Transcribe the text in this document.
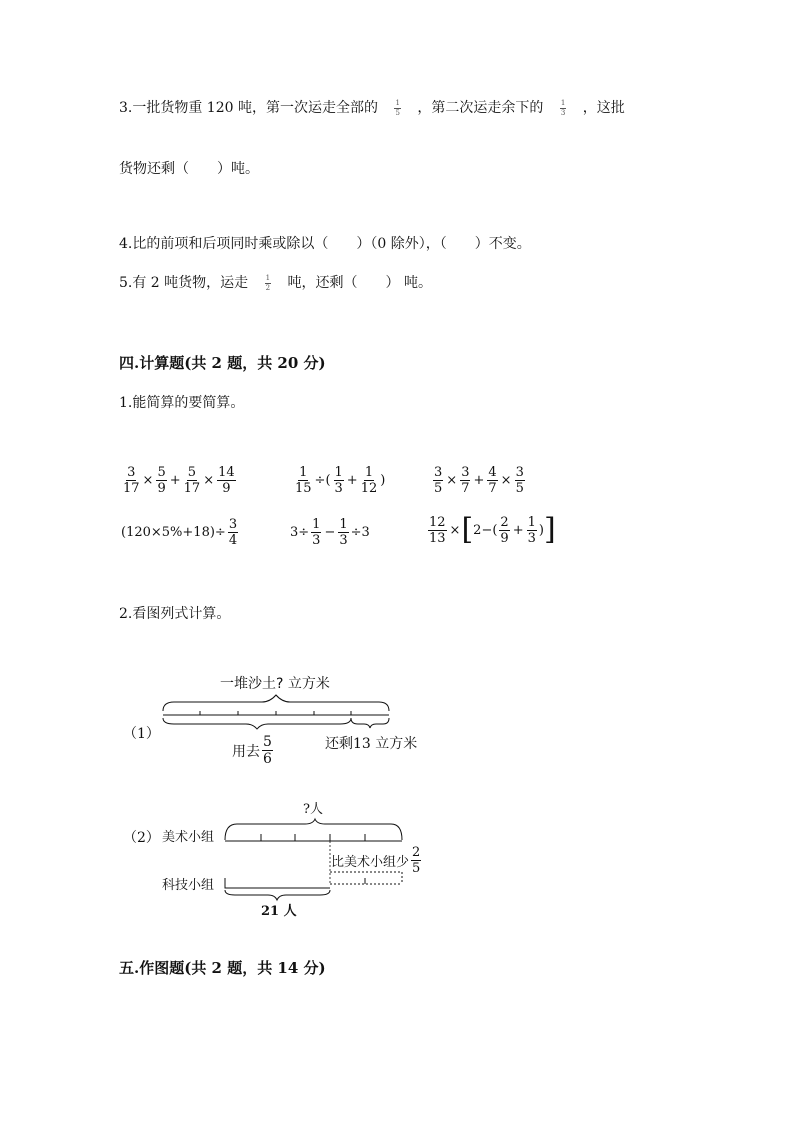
3.一批货物重 120 吨，第一次运走全部的 $\frac{1}{5}$ ，第二次运走余下的 $\frac{1}{3}$ ，这批
货物还剩（　　）吨。
4.比的前项和后项同时乘或除以（　　）（0 除外），（　　）不变。
5.有 2 吨货物，运走 $\frac{1}{2}$ 吨，还剩（　　） 吨。
四.计算题(共 2 题，共 20 分)
1.能简算的要简算。
$\frac{3}{17} \times \frac{5}{9} + \frac{5}{17} \times \frac{14}{9}$	$\frac{1}{15}$ ÷( $\frac{1}{3} + \frac{1}{12}$ )	$\frac{3}{5} \times \frac{3}{7} + \frac{4}{7} \times \frac{3}{5}$
$(120\times 5\%+18)\div \frac{3}{4}$	$3\div \frac{1}{3} - \frac{1}{3} \div 3$	$\frac{12}{13}$ × [ $2-( \frac{2}{9} + \frac{1}{3}$ ) ]
2.看图列式计算。
（1）
一堆沙土? 立方米
用去 $\frac{5}{6}$	还剩13 立方米
（2）
?人
美术小组
科技小组
比美术小组少 $\frac{2}{5}$
21 人
五.作图题(共 2 题，共 14 分)
